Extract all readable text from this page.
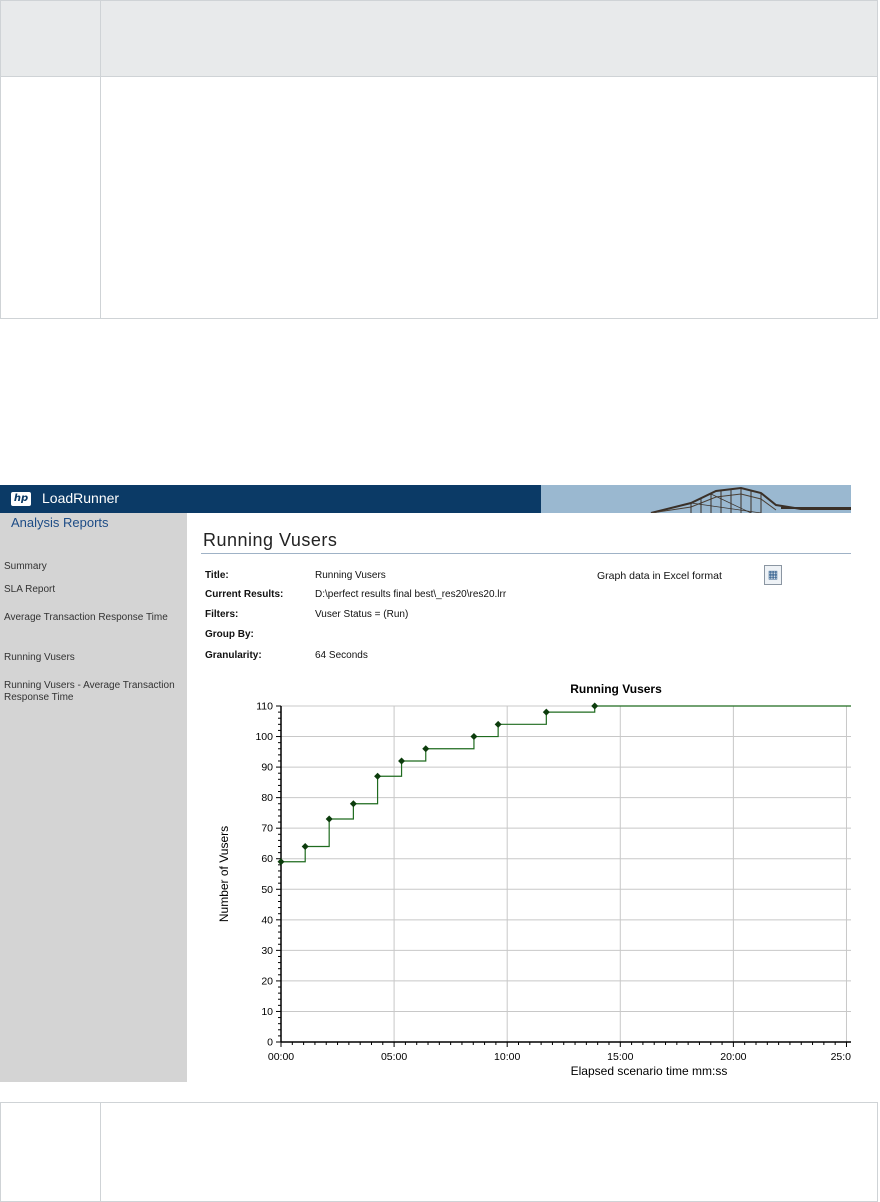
hp LoadRunner
Analysis Reports
Summary
SLA Report
Average Transaction Response Time
Running Vusers
Running Vusers - Average Transaction Response Time
Running Vusers
Title:	Running Vusers
Current Results:	D:\perfect results final best\_res20\res20.lrr
Filters:	Vuser Status = (Run)
Group By:
Granularity:	64 Seconds
Graph data in Excel format	▦
0
10
20
30
40
50
60
70
80
90
100
110
00:00	05:00	10:00	15:00	20:00	25:0
Running Vusers
Elapsed scenario time mm:ss
Number of Vusers
